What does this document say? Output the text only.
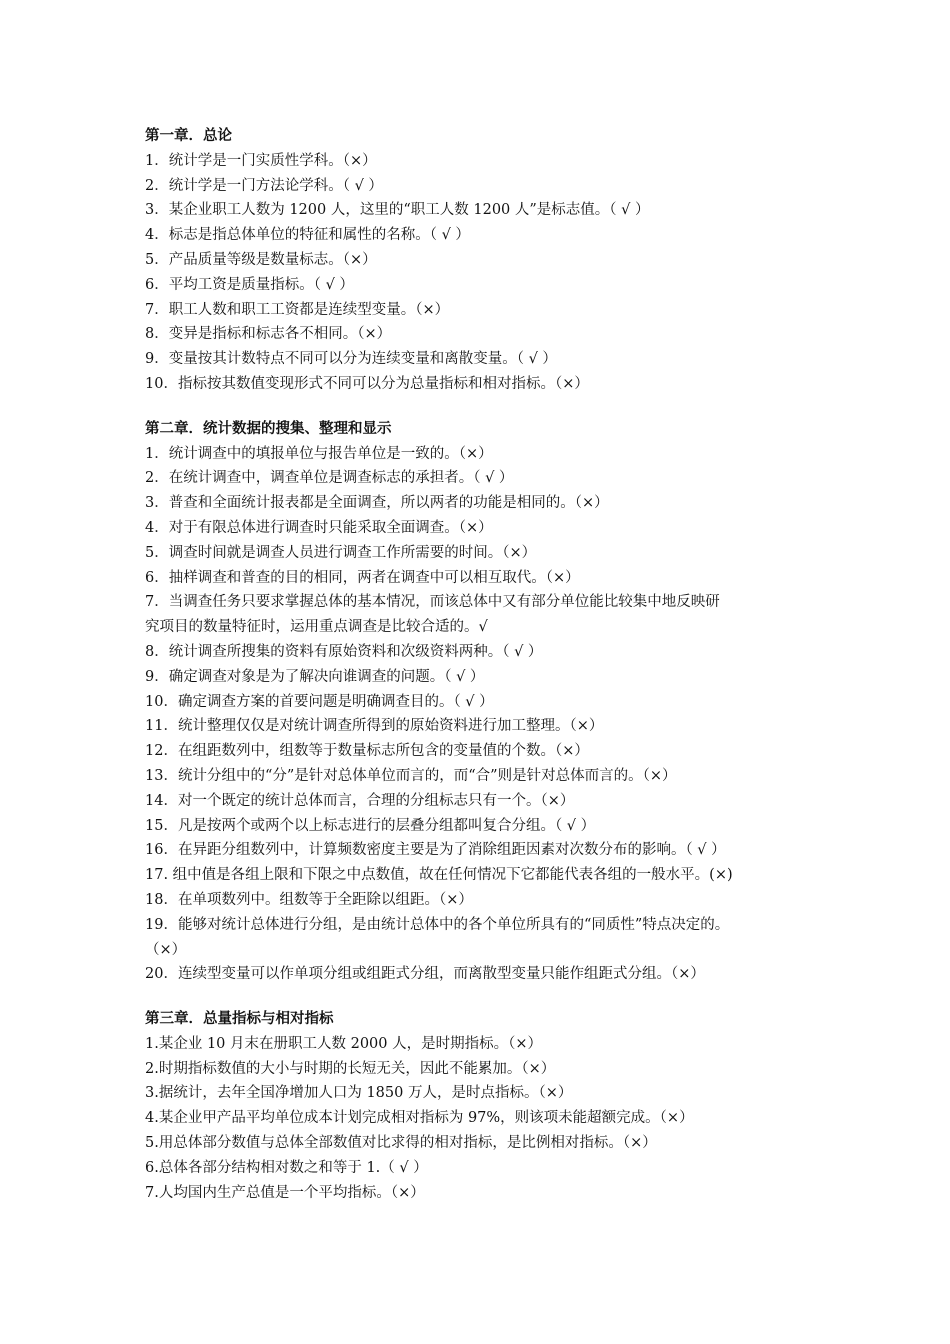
第一章．总论
1．统计学是一门实质性学科。（×）
2．统计学是一门方法论学科。（ √ ）
3．某企业职工人数为 1200 人，这里的“职工人数 1200 人”是标志值。（ √ ）
4．标志是指总体单位的特征和属性的名称。（ √ ）
5．产品质量等级是数量标志。（×）
6．平均工资是质量指标。（ √ ）
7．职工人数和职工工资都是连续型变量。（×）
8．变异是指标和标志各不相同。（×）
9．变量按其计数特点不同可以分为连续变量和离散变量。（ √ ）
10．指标按其数值变现形式不同可以分为总量指标和相对指标。（×）
第二章．统计数据的搜集、整理和显示
1．统计调查中的填报单位与报告单位是一致的。（×）
2．在统计调查中，调查单位是调查标志的承担者。（ √ ）
3．普查和全面统计报表都是全面调查，所以两者的功能是相同的。（×）
4．对于有限总体进行调查时只能采取全面调查。（×）
5．调查时间就是调查人员进行调查工作所需要的时间。（×）
6．抽样调查和普查的目的相同，两者在调查中可以相互取代。（×）
7．当调查任务只要求掌握总体的基本情况，而该总体中又有部分单位能比较集中地反映研
究项目的数量特征时，运用重点调查是比较合适的。√
8．统计调查所搜集的资料有原始资料和次级资料两种。（ √ ）
9．确定调查对象是为了解决向谁调查的问题。（ √ ）
10．确定调查方案的首要问题是明确调查目的。（ √ ）
11．统计整理仅仅是对统计调查所得到的原始资料进行加工整理。（×）
12．在组距数列中，组数等于数量标志所包含的变量值的个数。（×）
13．统计分组中的“分”是针对总体单位而言的，而“合”则是针对总体而言的。（×）
14．对一个既定的统计总体而言，合理的分组标志只有一个。（×）
15．凡是按两个或两个以上标志进行的层叠分组都叫复合分组。（ √ ）
16．在异距分组数列中，计算频数密度主要是为了消除组距因素对次数分布的影响。（ √ ）
17. 组中值是各组上限和下限之中点数值，故在任何情况下它都能代表各组的一般水平。(×)
18．在单项数列中。组数等于全距除以组距。（×）
19．能够对统计总体进行分组，是由统计总体中的各个单位所具有的“同质性”特点决定的。
（×）
20．连续型变量可以作单项分组或组距式分组，而离散型变量只能作组距式分组。（×）
第三章．总量指标与相对指标
1.某企业 10 月末在册职工人数 2000 人，是时期指标。（×）
2.时期指标数值的大小与时期的长短无关，因此不能累加。（×）
3.据统计，去年全国净增加人口为 1850 万人，是时点指标。（×）
4.某企业甲产品平均单位成本计划完成相对指标为 97%，则该项未能超额完成。（×）
5.用总体部分数值与总体全部数值对比求得的相对指标，是比例相对指标。（×）
6.总体各部分结构相对数之和等于 1.（ √ ）
7.人均国内生产总值是一个平均指标。（×）
